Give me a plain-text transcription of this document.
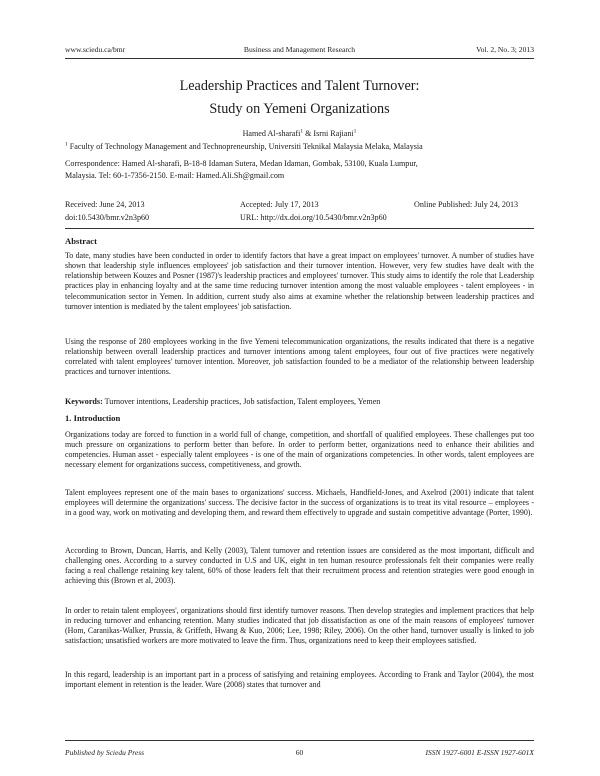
www.sciedu.ca/bmr	Business and Management Research	Vol. 2, No. 3; 2013
Leadership Practices and Talent Turnover:
Study on Yemeni Organizations
Hamed Al-sharafi$^1$ & Isrni Rajiani$^1$
$^1$ Faculty of Technology Management and Technopreneurship, Universiti Teknikal Malaysia Melaka, Malaysia
Correspondence: Hamed Al-sharafi, B-18-8 Idaman Sutera, Medan Idaman, Gombak, 53100, Kuala Lumpur,
Malaysia. Tel: 60-1-7356-2150. E-mail: Hamed.Ali.Sh@gmail.com
Received: June 24, 2013	Accepted: July 17, 2013	Online Published: July 24, 2013
doi:10.5430/bmr.v2n3p60	URL: http://dx.doi.org/10.5430/bmr.v2n3p60
Abstract

To date, many studies have been conducted in order to identify factors that have a great impact on employees' turnover. A number of studies have shown that leadership style influences employees' job satisfaction and their turnover intention. However, very few studies have dealt with the relationship between Kouzes and Posner (1987)'s leadership practices and employees' turnover. This study aims to identify the role that Leadership practices play in enhancing loyalty and at the same time reducing turnover intention among the most valuable employees - talent employees - in telecommunication sector in Yemen. In addition, current study also aims at examine whether the relationship between leadership practices and turnover intention is mediated by the talent employees' job satisfaction.

Using the response of 280 employees working in the five Yemeni telecommunication organizations, the results indicated that there is a negative relationship between overall leadership practices and turnover intentions among talent employees, four out of five practices were negatively correlated with talent employees' turnover intention. Moreover, job satisfaction founded to be a mediator of the relationship between leadership practices and turnover intentions.

Keywords: Turnover intentions, Leadership practices, Job satisfaction, Talent employees, Yemen
1. Introduction

Organizations today are forced to function in a world full of change, competition, and shortfall of qualified employees. These challenges put too much pressure on organizations to perform better than before. In order to perform better, organizations need to enhance their abilities and competencies. Human asset - especially talent employees - is one of the main of organizations competencies. In other words, talent employees are necessary element for organizations success, competitiveness, and growth.

Talent employees represent one of the main bases to organizations' success. Michaels, Handfield-Jones, and Axelrod (2001) indicate that talent employees will determine the organizations' success. The decisive factor in the success of organizations is to treat its vital resource – employees - in a good way, work on motivating and developing them, and reward them effectively to upgrade and sustain competitive advantage (Porter, 1990).

According to Brown, Duncan, Harris, and Kelly (2003), Talent turnover and retention issues are considered as the most important, difficult and challenging ones. According to a survey conducted in U.S and UK, eight in ten human resource professionals felt their companies were really facing a real challenge retaining key talent, 60% of those leaders felt that their recruitment process and retention strategies were good enough in achieving this (Brown et al, 2003).

In order to retain talent employees', organizations should first identify turnover reasons. Then develop strategies and implement practices that help in reducing turnover and enhancing retention. Many studies indicated that job dissatisfaction as one of the main reasons of employees' turnover (Hom, Caranikas-Walker, Prussia, & Griffeth, Hwang & Kuo, 2006; Lee, 1998; Riley, 2006). On the other hand, turnover usually is linked to job satisfaction; unsatisfied workers are more motivated to leave the firm. Thus, organizations need to keep their employees satisfied.

In this regard, leadership is an important part in a process of satisfying and retaining employees. According to Frank and Taylor (2004), the most important element in retention is the leader. Ware (2008) states that turnover and

Published by Sciedu Press	60	ISSN 1927-6001 E-ISSN 1927-601X
